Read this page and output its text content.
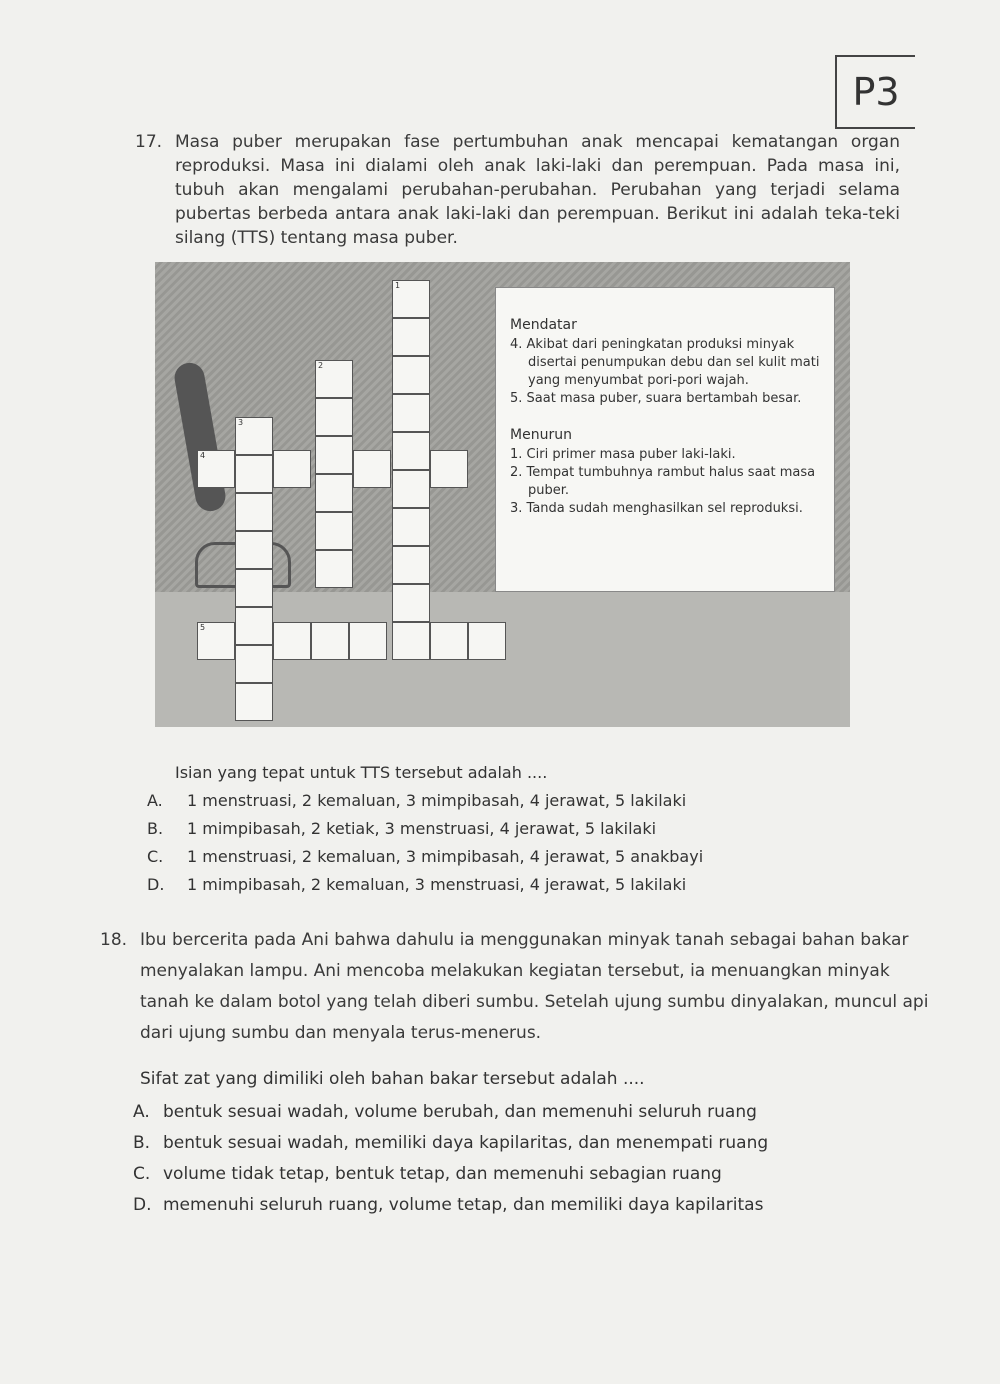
P3
17. Masa puber merupakan fase pertumbuhan anak mencapai kematangan organ reproduksi. Masa ini dialami oleh anak laki-laki dan perempuan. Pada masa ini, tubuh akan mengalami perubahan-perubahan. Perubahan yang terjadi selama pubertas berbeda antara anak laki-laki dan perempuan. Berikut ini adalah teka-teki silang (TTS) tentang masa puber.
1
2
3
4
5
Mendatar
4. Akibat dari peningkatan produksi minyak disertai penumpukan debu dan sel kulit mati yang menyumbat pori-pori wajah.
5. Saat masa puber, suara bertambah besar.
Menurun
1. Ciri primer masa puber laki-laki.
2. Tempat tumbuhnya rambut halus saat masa puber.
3. Tanda sudah menghasilkan sel reproduksi.
Isian yang tepat untuk TTS tersebut adalah ....
A. 1 menstruasi, 2 kemaluan, 3 mimpibasah, 4 jerawat, 5 lakilaki
B. 1 mimpibasah, 2 ketiak, 3 menstruasi, 4 jerawat, 5 lakilaki
C. 1 menstruasi, 2 kemaluan, 3 mimpibasah, 4 jerawat, 5 anakbayi
D. 1 mimpibasah, 2 kemaluan, 3 menstruasi, 4 jerawat, 5 lakilaki
18. Ibu bercerita pada Ani bahwa dahulu ia menggunakan minyak tanah sebagai bahan bakar menyalakan lampu. Ani mencoba melakukan kegiatan tersebut, ia menuangkan minyak tanah ke dalam botol yang telah diberi sumbu. Setelah ujung sumbu dinyalakan, muncul api dari ujung sumbu dan menyala terus-menerus.
Sifat zat yang dimiliki oleh bahan bakar tersebut adalah ....
A. bentuk sesuai wadah, volume berubah, dan memenuhi seluruh ruang
B. bentuk sesuai wadah, memiliki daya kapilaritas, dan menempati ruang
C. volume tidak tetap, bentuk tetap, dan memenuhi sebagian ruang
D. memenuhi seluruh ruang, volume tetap, dan memiliki daya kapilaritas
